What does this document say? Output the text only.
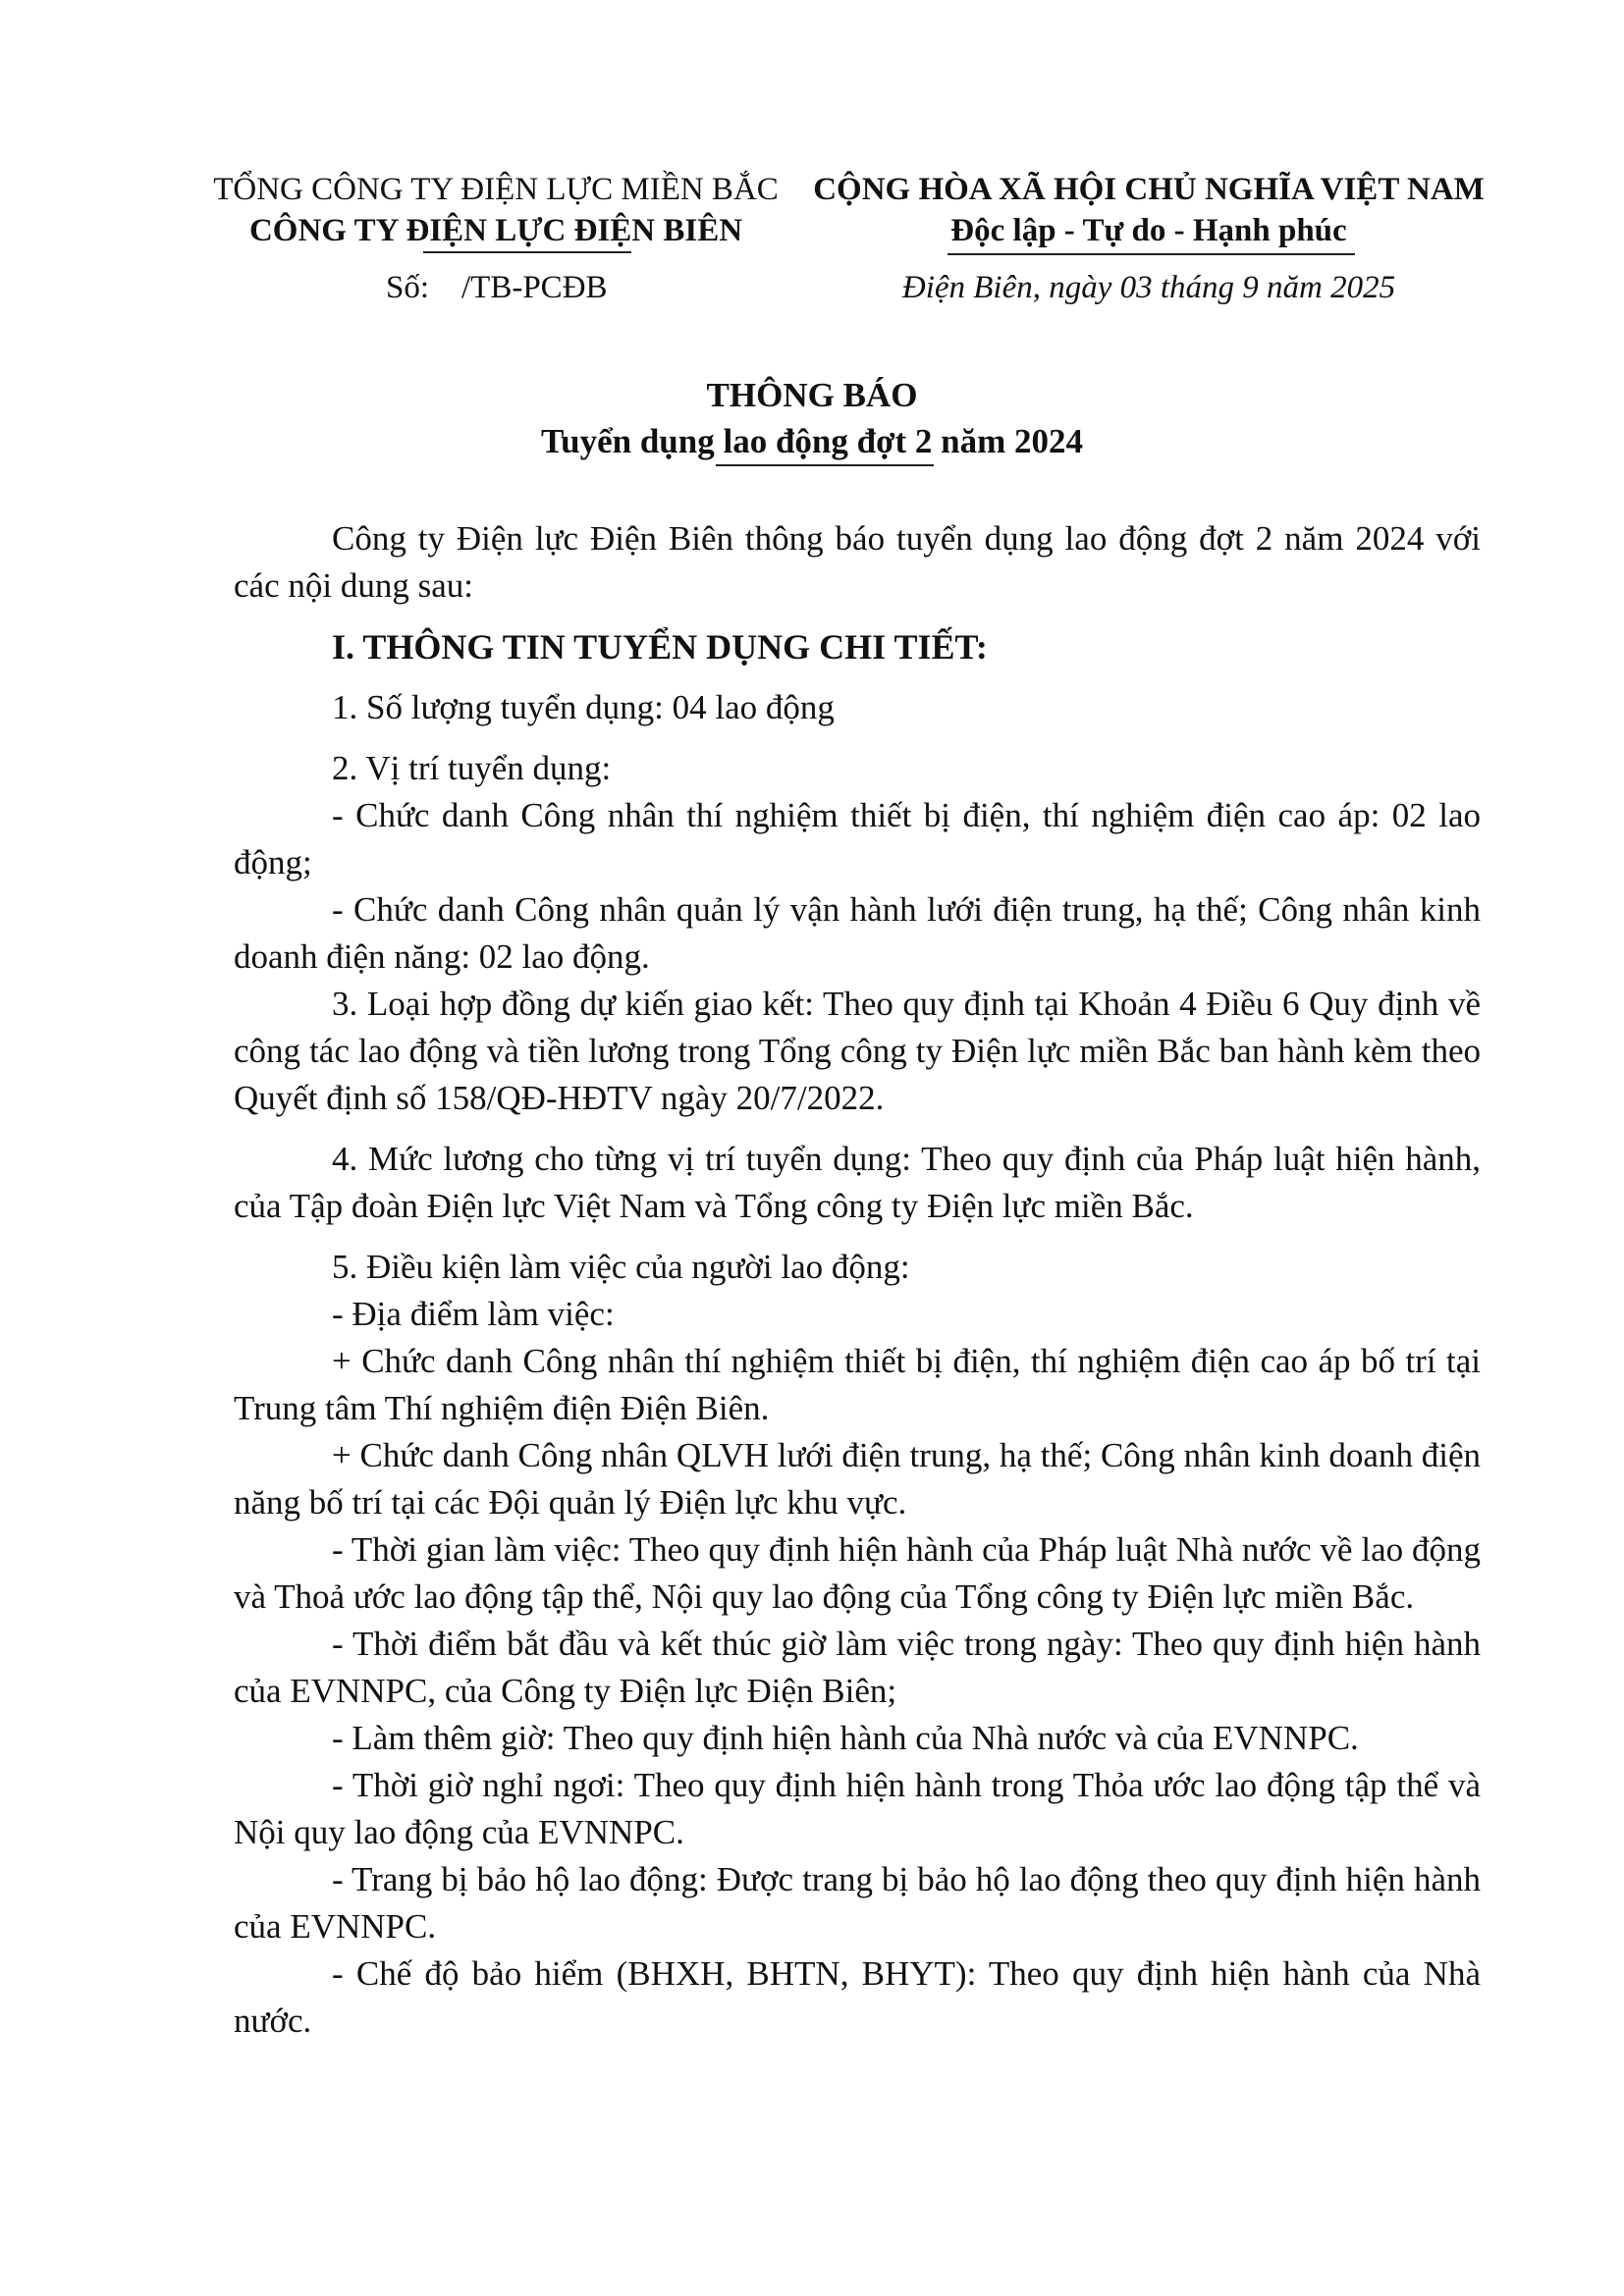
TỔNG CÔNG TY ĐIỆN LỰC MIỀN BẮC
CÔNG TY ĐIỆN LỰC ĐIỆN BIÊN
Số: /TB-PCĐB
CỘNG HÒA XÃ HỘI CHỦ NGHĨA VIỆT NAM
Độc lập - Tự do - Hạnh phúc
Điện Biên, ngày 03 tháng 9 năm 2025
THÔNG BÁO
Tuyển dụng lao động đợt 2 năm 2024

Công ty Điện lực Điện Biên thông báo tuyển dụng lao động đợt 2 năm 2024 với các nội dung sau:

I. THÔNG TIN TUYỂN DỤNG CHI TIẾT:

1. Số lượng tuyển dụng: 04 lao động

2. Vị trí tuyển dụng:

- Chức danh Công nhân thí nghiệm thiết bị điện, thí nghiệm điện cao áp: 02 lao động;

- Chức danh Công nhân quản lý vận hành lưới điện trung, hạ thế; Công nhân kinh doanh điện năng: 02 lao động.

3. Loại hợp đồng dự kiến giao kết: Theo quy định tại Khoản 4 Điều 6 Quy định về công tác lao động và tiền lương trong Tổng công ty Điện lực miền Bắc ban hành kèm theo Quyết định số 158/QĐ-HĐTV ngày 20/7/2022.

4. Mức lương cho từng vị trí tuyển dụng: Theo quy định của Pháp luật hiện hành, của Tập đoàn Điện lực Việt Nam và Tổng công ty Điện lực miền Bắc.

5. Điều kiện làm việc của người lao động:

- Địa điểm làm việc:

+ Chức danh Công nhân thí nghiệm thiết bị điện, thí nghiệm điện cao áp bố trí tại Trung tâm Thí nghiệm điện Điện Biên.

+ Chức danh Công nhân QLVH lưới điện trung, hạ thế; Công nhân kinh doanh điện năng bố trí tại các Đội quản lý Điện lực khu vực.

- Thời gian làm việc: Theo quy định hiện hành của Pháp luật Nhà nước về lao động và Thoả ước lao động tập thể, Nội quy lao động của Tổng công ty Điện lực miền Bắc.

- Thời điểm bắt đầu và kết thúc giờ làm việc trong ngày: Theo quy định hiện hành của EVNNPC, của Công ty Điện lực Điện Biên;

- Làm thêm giờ: Theo quy định hiện hành của Nhà nước và của EVNNPC.

- Thời giờ nghỉ ngơi: Theo quy định hiện hành trong Thỏa ước lao động tập thể và Nội quy lao động của EVNNPC.

- Trang bị bảo hộ lao động: Được trang bị bảo hộ lao động theo quy định hiện hành của EVNNPC.

- Chế độ bảo hiểm (BHXH, BHTN, BHYT): Theo quy định hiện hành của Nhà nước.
